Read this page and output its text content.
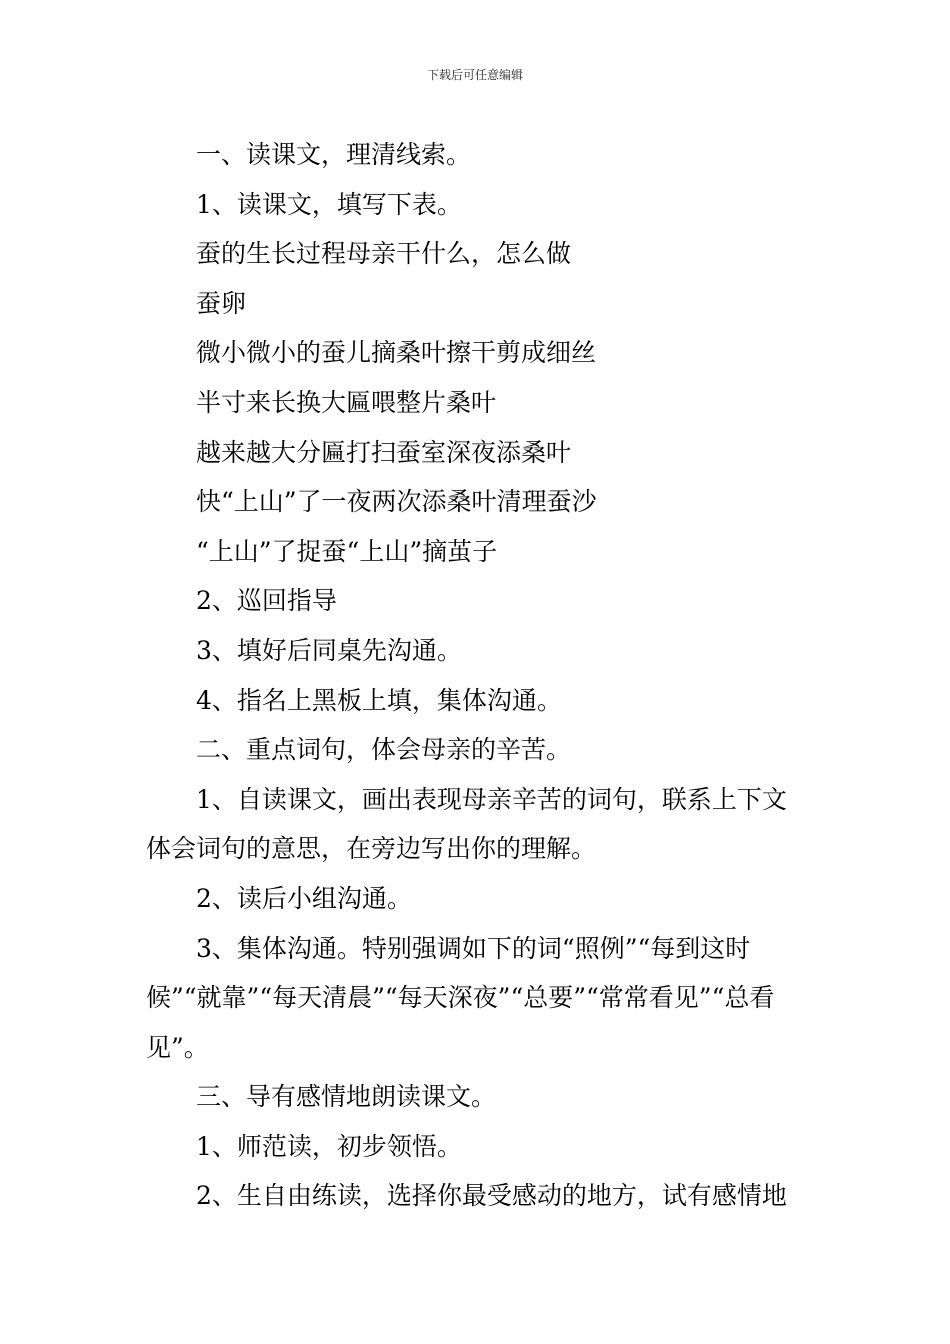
下载后可任意编辑

一、读课文，理清线索。

1、读课文，填写下表。

蚕的生长过程母亲干什么，怎么做

蚕卵

微小微小的蚕儿摘桑叶擦干剪成细丝

半寸来长换大匾喂整片桑叶

越来越大分匾打扫蚕室深夜添桑叶

快“上山”了一夜两次添桑叶清理蚕沙

“上山”了捉蚕“上山”摘茧子

2、巡回指导

3、填好后同桌先沟通。

4、指名上黑板上填，集体沟通。

二、重点词句，体会母亲的辛苦。

1、自读课文，画出表现母亲辛苦的词句，联系上下文体会词句的意思，在旁边写出你的理解。

2、读后小组沟通。

3、集体沟通。特别强调如下的词“照例”“每到这时候”“就靠”“每天清晨”“每天深夜”“总要”“常常看见”“总看见”。

三、导有感情地朗读课文。

1、师范读，初步领悟。

2、生自由练读，选择你最受感动的地方，试有感情地
